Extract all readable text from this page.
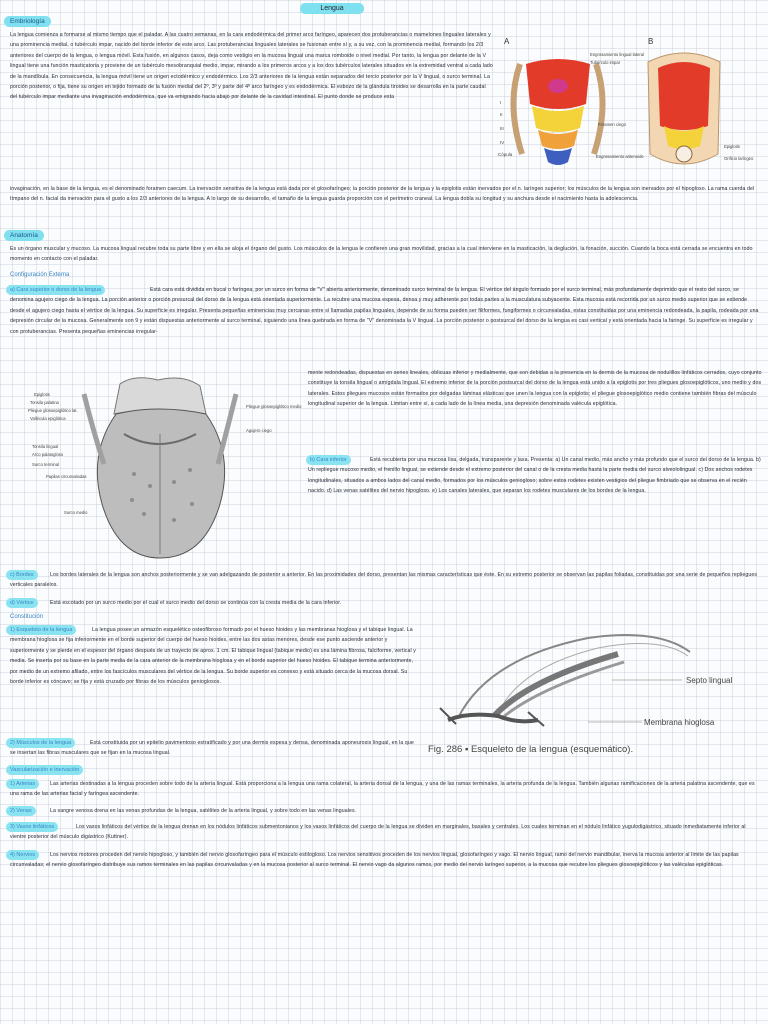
Lengua
Embriología
La lengua comienza a formarse al mismo tiempo que el paladar. A las cuatro semanas, en la cara endodérmica del primer arco faríngeo, aparecen dos protuberancias o mamelones linguales laterales y una prominencia medial, o tubérculo impar, nacido del borde inferior de este arco. Las protuberancias linguales laterales se fusionan entre sí y, a su vez, con la prominencia medial, formando los 2/3 anteriores del cuerpo de la lengua, o lengua móvil. Esta fusión, en algunos casos, deja como vestigio en la mucosa lingual una marca romboide o nivel medial. Por tanto, la lengua por delante de la V lingual tiene una función masticatoria y proviene de un tubérculo mesobranquial medio, impar, mirando a los primeros arcos y a los dos tubérculos laterales situados en la extremidad ventral a cada lado de la mandíbula. En consecuencia, la lengua móvil tiene un origen ectodérmico y endodérmico. Los 2/3 anteriores de la lengua están separados del tercio posterior por la V lingual, o surco terminal. La porción posterior, o fija, tiene su origen en tejido formado de la fusión medial del 2º, 3º y parte del 4º arco faríngeo y es endodérmica. El esbozo de la glándula tiroides se desarrolla en la parte caudal del tubérculo impar mediante una invaginación endodérmica, que va emigrando hacia abajo por delante de la cavidad intestinal. El punto donde se produce esta
A	B
I
II
III
IV
Cópula
Engrosamiento lingual lateral
Tubérculo impar
Foramen ciego
Engrosamiento aritenoide
Epiglotis
Orificio laríngeo
invaginación, en la base de la lengua, es el denominado foramen caecum. La inervación sensitiva de la lengua está dada por el glosofaríngeo; la porción posterior de la lengua y la epiglotis están inervados por el n. laríngeo superior; los músculos de la lengua son inervados por el hipogloso. La rama cuerda del tímpano del n. facial da inervación para el gusto a los 2/3 anteriores de la lengua. A lo largo de su desarrollo, el tamaño de la lengua guarda proporción con el perímetro craneal. La lengua dobla su longitud y su anchura desde el nacimiento hasta la adolescencia.
Anatomía
Es un órgano muscular y mucoso. La mucosa lingual recubre toda su parte libre y en ella se aloja el órgano del gusto. Los músculos de la lengua le confieren una gran movilidad, gracias a la cual interviene en la masticación, la deglución, la fonación, succión. Cuando la boca está cerrada se encuentra en todo momento en contacto con el paladar.
Configuración Externa
a) Cara superior o dorso de la lengua	Está cara está dividida en bucal o faríngea, por un surco en forma de "V" abierta anteriormente, denominado surco terminal de la lengua. El vértice del ángulo formado por el surco terminal, más profundamente deprimido que el resto del surco, se denomina agujero ciego de la lengua. La porción anterior o porción presurcal del dorso de la lengua está orientada superiormente. La recubre una mucosa espesa, densa y muy adherente por todas partes a la musculatura subyacente. Esta mucosa está recorrida por un surco medio superior que se extiende desde el agujero ciego hasta el vértice de la lengua. Su superficie es irregular. Presenta pequeñas eminencias muy cercanas entre sí llamadas papilas linguales, depende de su forma pueden ser filiformes, fungiformes o circunvaladas, estas constituidas por una eminencia redondeada, la papila, rodeada por una depresión circular de la mucosa. Generalmente son 9 y están dispuestas anteriormente al surco terminal, siguiendo una línea quebrada en forma de "V" denominada la V lingual. La porción posterior o postsurcal del dorso de la lengua es casi vertical y está orientada hacia la faringe. Su superficie es irregular y con protuberancias. Presenta pequeñas eminencias irregular-
Epiglotis
Tonsila palatina
Pliegue glosoepiglótico lat.
Vallécula epiglótica
Tonsila lingual
Arco palatogloso
Surco terminal
Papilas circunvaladas
Surco medio
Pliegue glosoepiglótico medio
Agujero ciego
mente redondeadas, dispuestas en series lineales, oblicuas inferior y medialmente, que son debidas a la presencia en la dermis de la mucosa de nodulillos linfáticos cerrados, cuyo conjunto constituye la tonsila lingual o amígdala lingual. El extremo inferior de la porción postsurcal del dorso de la lengua está unido a la epiglotis por tres pliegues glosoepiglóticos, uno medio y dos laterales. Estos pliegues mucosos están formados por delgadas láminas elásticas que unen la lengua con la epiglotis; el pliegue glosoepiglótico medio contiene también fibras del músculo longitudinal superior de la lengua. Limitan entre sí, a cada lado de la línea media, una depresión denominada valécula epiglótica.
b) Cara inferior	Está recubierta por una mucosa lisa, delgada, transparente y laxa. Presenta: a) Un canal medio, más ancho y más profundo que el surco del dorso de la lengua. b) Un repliegue mucoso medio, el frenillo lingual, se extiende desde el extremo posterior del canal o de la cresta media hasta la parte media del surco alveololingual. c) Dos anchos rodetes longitudinales, situados a ambos lados del canal medio, formados por los músculos geniogloso; sobre estos rodetes existen vestigios del pliegue fimbriado que se observa en el recién nacido. d) Las venas satélites del nervio hipogloso. e) Los canales laterales, que separan los rodetes musculares de los bordes de la lengua.
c) Bordes	Los bordes laterales de la lengua son anchos posteriormente y se van adelgazando de posterior a anterior. En las proximidades del dorso, presentan las mismas características que éste. En su extremo posterior se observan las papilas foliadas, constituidas por una serie de pequeños repliegues verticales paralelos.
d) Vértice	Está escotado por un surco medio por el cual el surco medio del dorso se continúa con la cresta media de la cara inferior.
Constitución
1) Esqueleto de la lengua	La lengua posee un armazón esquelético osteofibroso formado por el hueso hioides y las membranas hioglosa y el tabique lingual. La membrana hioglosa se fija inferiormente en el borde superior del cuerpo del hueso hioides, entre las dos astas menores, desde ese punto asciende anterior y superiormente y se pierde en el espesor del órgano después de un trayecto de aprox. 1 cm. El tabique lingual (tabique medio) es una lámina fibrosa, falciforme, vertical y media. Se inserta por su base en la parte media de la cara anterior de la membrana hioglosa y en el borde superior del hueso hioides. El tabique termina anteriormente, por medio de un extremo afilado, entre los fascículos musculares del vértice de la lengua. Su borde superior es convexo y está situado cerca de la mucosa dorsal. Su borde inferior es cóncavo; se fija y está cruzado por fibras de los músculos genioglosos.
2) Músculos de la lengua	Está constituida por un epitelio pavimentoso estratificado y por una dermis espesa y densa, denominada aponeurosis lingual, en la que se insertan las fibras musculares que se fijan en la mucosa lingual.
Septo lingual
Membrana hioglosa
Fig. 286 ▪ Esqueleto de la lengua (esquemático).
Vascularización e inervación
1) Arterias	Las arterias destinadas a la lengua proceden sobre todo de la arteria lingual. Está proporciona a la lengua una rama colateral, la arteria dorsal de la lengua, y una de las ramas terminales, la arteria profunda de la lengua. También algunas ramificaciones de la arteria palatina ascendente, que es una rama de las arterias facial y faríngea ascendente.
2) Venas	La sangre venosa drena en las venas profundas de la lengua, satélites de la arteria lingual, y sobre todo en las venas linguales.
3) Vasos linfáticos	Los vasos linfáticos del vértice de la lengua drenan en los nódulos linfáticos submentonianos y los vasos linfáticos del cuerpo de la lengua se dividen en marginales, basales y centrales. Los cuales terminan en el nódulo linfático yugulodigástrico, situado inmediatamente inferior al vientre posterior del músculo digástrico (Kuttner).
4) Nervios	Los nervios motores proceden del nervio hipogloso, y también del nervio glosofaríngeo para el músculo estilogloso. Los nervios sensitivos proceden de los nervios lingual, glosofaríngeo y vago. El nervio lingual, ramo del nervio mandibular, inerva la mucosa anterior al límite de las papilas circunvaladas; el nervio glosofaríngeo distribuye sus ramos terminales en las papilas circunvaladas y en la mucosa posterior al surco terminal. El nervio vago da algunos ramos, por medio del nervio laríngeo superior, a la mucosa que recubre los pliegues glosoepiglóticos y las valéculas epiglóticas.
